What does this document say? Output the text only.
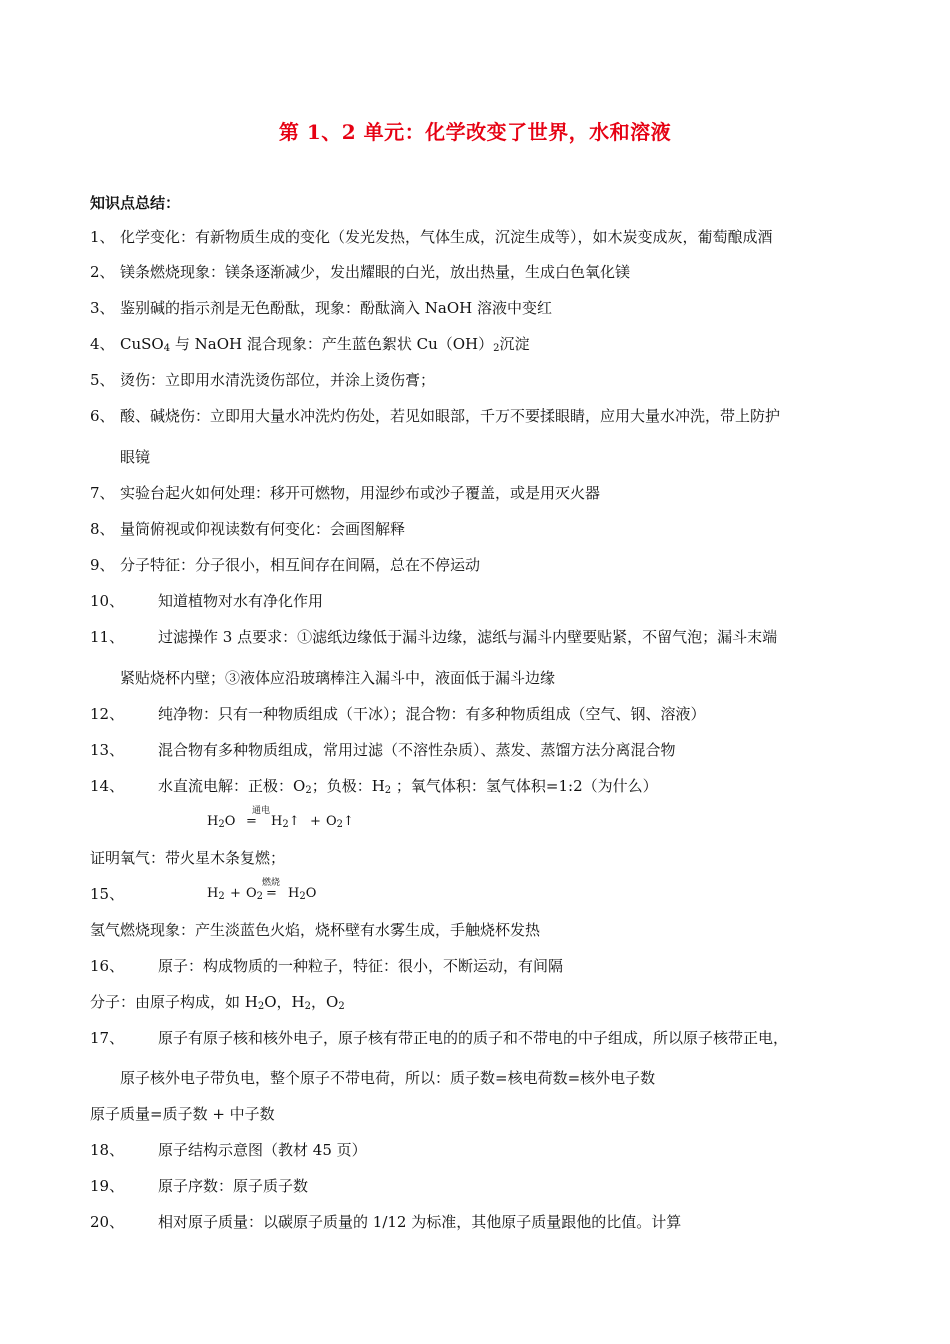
第 1、2 单元：化学改变了世界，水和溶液
知识点总结：
1、 化学变化：有新物质生成的变化（发光发热，气体生成，沉淀生成等），如木炭变成灰，葡萄酿成酒
2、 镁条燃烧现象：镁条逐渐减少，发出耀眼的白光，放出热量，生成白色氧化镁
3、 鉴别碱的指示剂是无色酚酞，现象：酚酞滴入 NaOH 溶液中变红
4、 CuSO$_4$ 与 NaOH 混合现象：产生蓝色絮状 $Cu(OH)_2$沉淀
5、 烫伤：立即用水清洗烫伤部位，并涂上烫伤膏；
6、 酸、碱烧伤：立即用大量水冲洗灼伤处，若见如眼部，千万不要揉眼睛，应用大量水冲洗，带上防护
眼镜
7、 实验台起火如何处理：移开可燃物，用湿纱布或沙子覆盖，或是用灭火器
8、 量筒俯视或仰视读数有何变化：会画图解释
9、 分子特征：分子很小，相互间存在间隔，总在不停运动
10、 知道植物对水有净化作用
11、 过滤操作 3 点要求：①滤纸边缘低于漏斗边缘，滤纸与漏斗内壁要贴紧，不留气泡；漏斗末端
紧贴烧杯内壁；③液体应沿玻璃棒注入漏斗中，液面低于漏斗边缘
12、 纯净物：只有一种物质组成（干冰）；混合物：有多种物质组成（空气、钢、溶液）
13、 混合物有多种物质组成，常用过滤（不溶性杂质）、蒸发、蒸馏方法分离混合物
14、 水直流电解：正极：$O_2$；负极：$H_2$ ；氧气体积：氢气体积=1:2（为什么）
通电
$H_2O$ = $H_2↑$ + $O_2↑$
证明氧气：带火星木条复燃；
15、
燃烧
$H_2 + O_2 = H_2O$
氢气燃烧现象：产生淡蓝色火焰，烧杯壁有水雾生成，手触烧杯发热
16、 原子：构成物质的一种粒子，特征：很小，不断运动，有间隔
分子：由原子构成，如 $H_2O$，$H_2$，$O_2$
17、 原子有原子核和核外电子，原子核有带正电的的质子和不带电的中子组成，所以原子核带正电，
原子核外电子带负电，整个原子不带电荷，所以：质子数=核电荷数=核外电子数
原子质量=质子数 + 中子数
18、 原子结构示意图（教材 45 页）
19、 原子序数：原子质子数
20、 相对原子质量：以碳原子质量的 1/12 为标准，其他原子质量跟他的比值。计算
